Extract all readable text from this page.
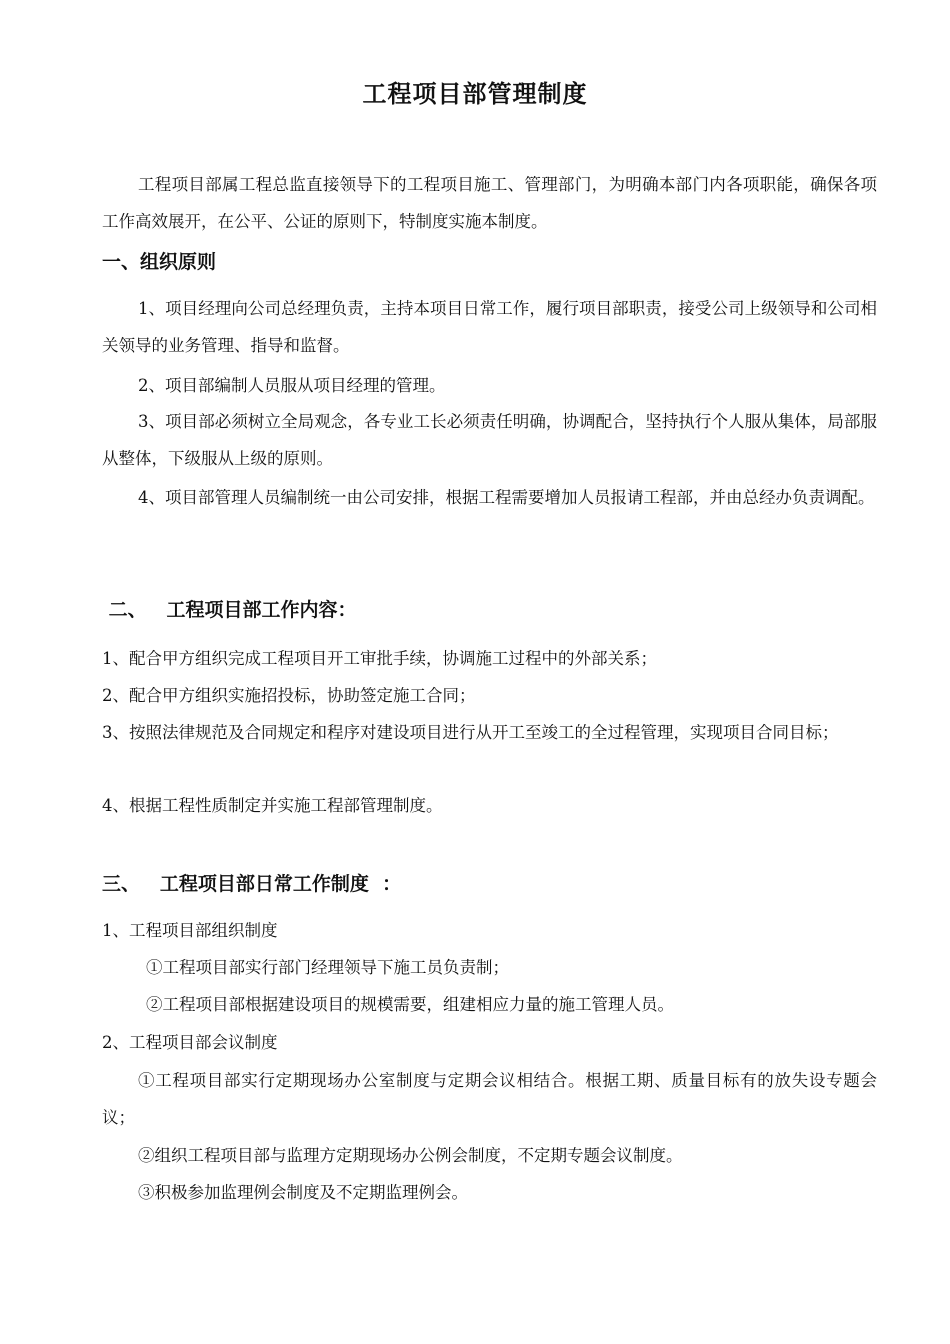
工程项目部管理制度
工程项目部属工程总监直接领导下的工程项目施工、管理部门，为明确本部门内各项职能，确保各项工作高效展开，在公平、公证的原则下，特制度实施本制度。
一、组织原则
1、项目经理向公司总经理负责，主持本项目日常工作，履行项目部职责，接受公司上级领导和公司相关领导的业务管理、指导和监督。
2、项目部编制人员服从项目经理的管理。
3、项目部必须树立全局观念，各专业工长必须责任明确，协调配合，坚持执行个人服从集体，局部服从整体，下级服从上级的原则。
4、项目部管理人员编制统一由公司安排，根据工程需要增加人员报请工程部，并由总经办负责调配。
二、   工程项目部工作内容：
1、配合甲方组织完成工程项目开工审批手续，协调施工过程中的外部关系；
2、配合甲方组织实施招投标，协助签定施工合同；
3、按照法律规范及合同规定和程序对建设项目进行从开工至竣工的全过程管理，实现项目合同目标；
4、根据工程性质制定并实施工程部管理制度。
三、   工程项目部日常工作制度  ：
1、工程项目部组织制度
①工程项目部实行部门经理领导下施工员负责制；
②工程项目部根据建设项目的规模需要，组建相应力量的施工管理人员。
2、工程项目部会议制度
①工程项目部实行定期现场办公室制度与定期会议相结合。根据工期、质量目标有的放失设专题会议；
②组织工程项目部与监理方定期现场办公例会制度，不定期专题会议制度。
③积极参加监理例会制度及不定期监理例会。
